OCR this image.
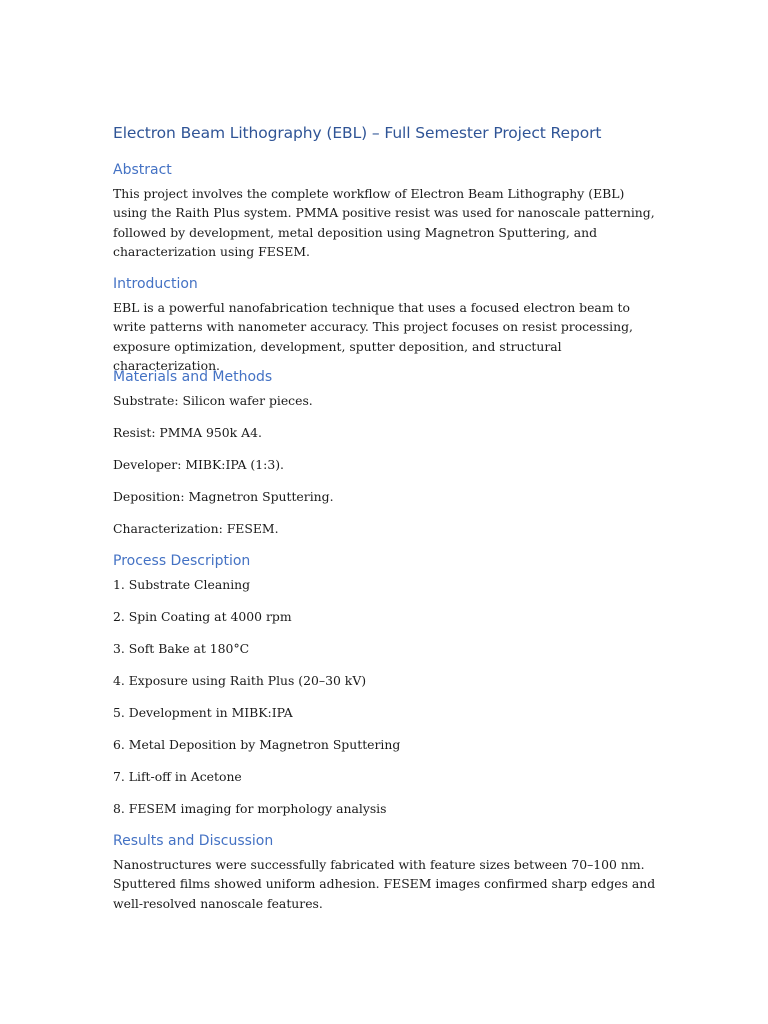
Electron Beam Lithography (EBL) – Full Semester Project Report
Abstract

This project involves the complete workflow of Electron Beam Lithography (EBL) using the Raith Plus system. PMMA positive resist was used for nanoscale patterning, followed by development, metal deposition using Magnetron Sputtering, and characterization using FESEM.

Introduction

EBL is a powerful nanofabrication technique that uses a focused electron beam to write patterns with nanometer accuracy. This project focuses on resist processing, exposure optimization, development, sputter deposition, and structural characterization.

Materials and Methods

Substrate: Silicon wafer pieces.

Resist: PMMA 950k A4.

Developer: MIBK:IPA (1:3).

Deposition: Magnetron Sputtering.

Characterization: FESEM.

Process Description

1. Substrate Cleaning

2. Spin Coating at 4000 rpm

3. Soft Bake at 180°C

4. Exposure using Raith Plus (20–30 kV)

5. Development in MIBK:IPA

6. Metal Deposition by Magnetron Sputtering

7. Lift-off in Acetone

8. FESEM imaging for morphology analysis

Results and Discussion

Nanostructures were successfully fabricated with feature sizes between 70–100 nm. Sputtered films showed uniform adhesion. FESEM images confirmed sharp edges and well-resolved nanoscale features.
